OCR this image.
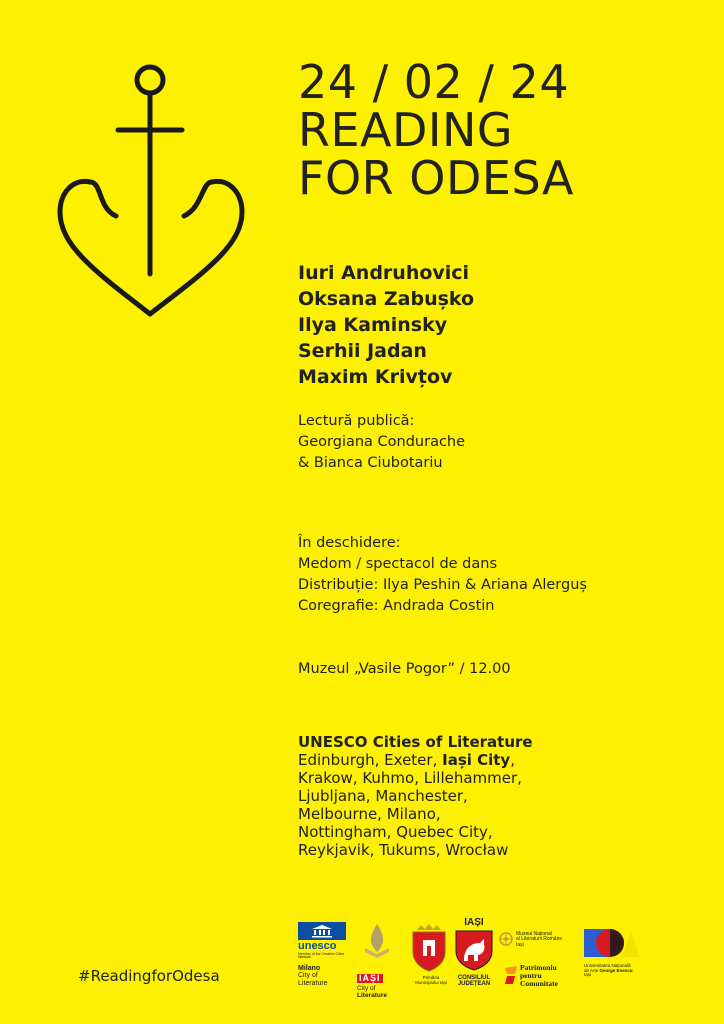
24 / 02 / 24
READING
FOR ODESA
Iuri Andruhovici
Oksana Zabușko
Ilya Kaminsky
Serhii Jadan
Maxim Krivțov
Lectură publică:
Georgiana Condurache
& Bianca Ciubotariu
În deschidere:
Medom / spectacol de dans
Distribuție: Ilya Peshin & Ariana Alerguș
Coregrafie: Andrada Costin
Muzeul „Vasile Pogor” / 12.00
UNESCO Cities of Literature
Edinburgh, Exeter, Iași City,
Krakow, Kuhmo, Lillehammer,
Ljubljana, Manchester,
Melbourne, Milano,
Nottingham, Quebec City,
Reykjavik, Tukums, Wrocław
#ReadingforOdesa
unesco
Member of the Creative Cities Network
Milano
City of
Literature
IAȘI
City of
Literature
Primăria
Municipiului Iași
IAȘI
CONSILIUL
JUDEȚEAN
Muzeul Național
al Literaturii Române
Iași
Patrimoniu
pentru
Comunitate
Universitatea Națională
de Arte George Enescu
Iași
